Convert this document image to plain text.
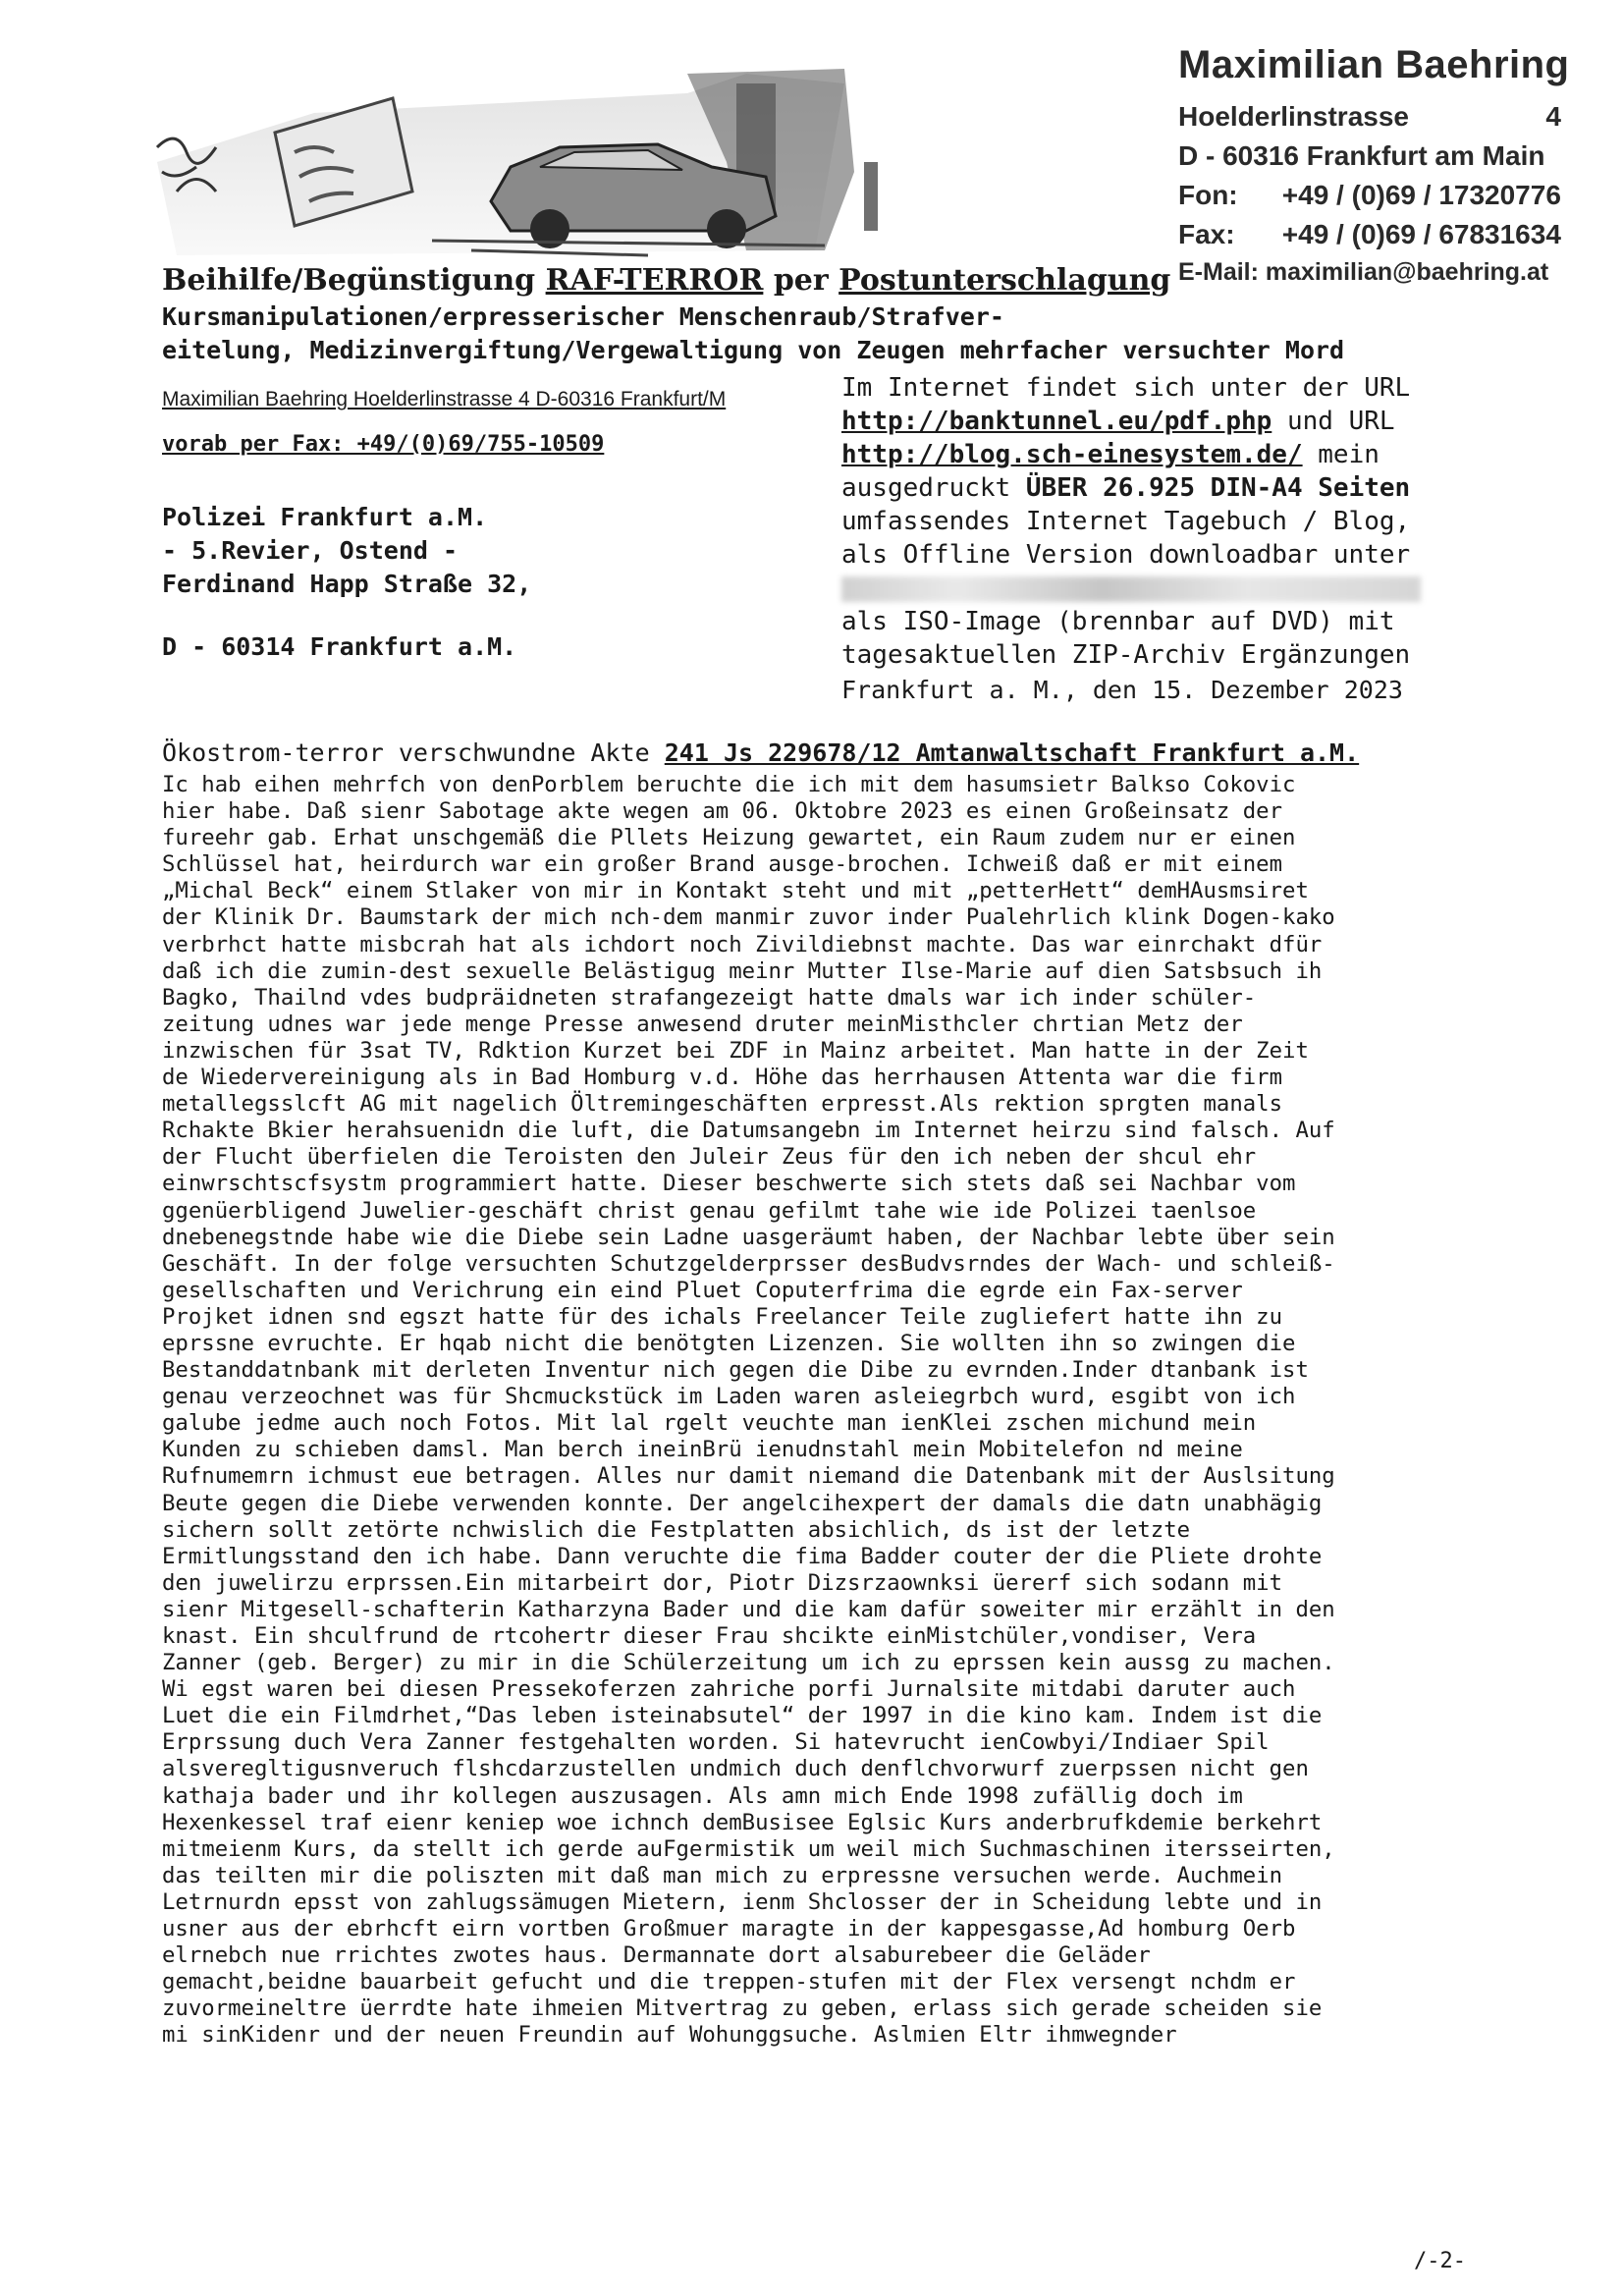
Maximilian Baehring
Hoelderlinstrasse	4
D - 60316 Frankfurt am Main
Fon: +49 / (0)69 / 17320776
Fax: +49 / (0)69 / 67831634
E-Mail: maximilian@baehring.at
Beihilfe/Begünstigung RAF-TERROR per Postunterschlagung
Kursmanipulationen/erpresserischer Menschenraub/Strafver-
eitelung, Medizinvergiftung/Vergewaltigung von Zeugen mehrfacher versuchter Mord
Maximilian Baehring Hoelderlinstrasse 4 D-60316 Frankfurt/M
vorab per Fax: +49/(0)69/755-10509
Polizei Frankfurt a.M.
- 5.Revier, Ostend -
Ferdinand Happ Straße 32,
D - 60314 Frankfurt a.M.
Im Internet findet sich unter der URL
http://banktunnel.eu/pdf.php und URL
http://blog.sch-einesystem.de/ mein
ausgedruckt ÜBER 26.925 DIN-A4 Seiten
umfassendes Internet Tagebuch / Blog,
als Offline Version downloadbar unter
als ISO-Image (brennbar auf DVD) mit
tagesaktuellen ZIP-Archiv Ergänzungen
Frankfurt a. M., den 15. Dezember 2023
Ökostrom-terror verschwundne Akte 241 Js 229678/12 Amtanwaltschaft Frankfurt a.M.
Ic hab eihen mehrfch von denPorblem beruchte die ich mit dem hasumsietr Balkso Cokovic
hier habe. Daß sienr Sabotage akte wegen am 06. Oktobre 2023 es einen Großeinsatz der
fureehr gab. Erhat unschgemäß die Pllets Heizung gewartet, ein Raum zudem nur er einen
Schlüssel hat, heirdurch war ein großer Brand ausge-brochen. Ichweiß daß er mit einem
„Michal Beck“ einem Stlaker von mir in Kontakt steht und mit „petterHett“ demHAusmsiret
der Klinik Dr. Baumstark der mich nch-dem manmir zuvor inder Pualehrlich klink Dogen-kako
verbrhct hatte misbcrah hat als ichdort noch Zivildiebnst machte. Das war einrchakt dfür
daß ich die zumin-dest sexuelle Belästigug meinr Mutter Ilse-Marie auf dien Satsbsuch ih
Bagko, Thailnd vdes budpräidneten strafangezeigt hatte dmals war ich inder schüler-
zeitung udnes war jede menge Presse anwesend druter meinMisthcler chrtian Metz der
inzwischen für 3sat TV, Rdktion Kurzet bei ZDF in Mainz arbeitet. Man hatte in der Zeit
de Wiedervereinigung als in Bad Homburg v.d. Höhe das herrhausen Attenta war die firm
metallegsslcft AG mit nagelich Öltremingeschäften erpresst.Als rektion sprgten manals
Rchakte Bkier herahsuenidn die luft, die Datumsangebn im Internet heirzu sind falsch. Auf
der Flucht überfielen die Teroisten den Juleir Zeus für den ich neben der shcul ehr
einwrschtscfsystm programmiert hatte. Dieser beschwerte sich stets daß sei Nachbar vom
ggenüerbligend Juwelier-geschäft christ genau gefilmt tahe wie ide Polizei taenlsoe
dnebenegstnde habe wie die Diebe sein Ladne uasgeräumt haben, der Nachbar lebte über sein
Geschäft. In der folge versuchten Schutzgelderprsser desBudvsrndes der Wach- und schleiß-
gesellschaften und Verichrung ein eind Pluet Coputerfrima die egrde ein Fax-server
Projket idnen snd egszt hatte für des ichals Freelancer Teile zugliefert hatte ihn zu
eprssne evruchte. Er hqab nicht die benötgten Lizenzen. Sie wollten ihn so zwingen die
Bestanddatnbank mit derleten Inventur nich gegen die Dibe zu evrnden.Inder dtanbank ist
genau verzeochnet was für Shcmuckstück im Laden waren asleiegrbch wurd, esgibt von ich
galube jedme auch noch Fotos. Mit lal rgelt veuchte man ienKlei zschen michund mein
Kunden zu schieben damsl. Man berch ineinBrü ienudnstahl mein Mobitelefon nd meine
Rufnumemrn ichmust eue betragen. Alles nur damit niemand die Datenbank mit der Auslsitung
Beute gegen die Diebe verwenden konnte. Der angelcihexpert der damals die datn unabhägig
sichern sollt zetörte nchwislich die Festplatten absichlich, ds ist der letzte
Ermitlungsstand den ich habe. Dann veruchte die fima Badder couter der die Pliete drohte
den juwelirzu erprssen.Ein mitarbeirt dor, Piotr Dizsrzaownksi üererf sich sodann mit
sienr Mitgesell-schafterin Katharzyna Bader und die kam dafür soweiter mir erzählt in den
knast. Ein shculfrund de rtcohertr dieser Frau shcikte einMistchüler,vondiser, Vera
Zanner (geb. Berger) zu mir in die Schülerzeitung um ich zu eprssen kein aussg zu machen.
Wi egst waren bei diesen Pressekoferzen zahriche porfi Jurnalsite mitdabi daruter auch
Luet die ein Filmdrhet,“Das leben isteinabsutel“ der 1997 in die kino kam. Indem ist die
Erprssung duch Vera Zanner festgehalten worden. Si hatevrucht ienCowbyi/Indiaer Spil
alsveregltigusnveruch flshcdarzustellen undmich duch denflchvorwurf zuerpssen nicht gen
kathaja bader und ihr kollegen auszusagen. Als amn mich Ende 1998 zufällig doch im
Hexenkessel traf eienr keniep woe ichnch demBusisee Eglsic Kurs anderbrufkdemie berkehrt
mitmeienm Kurs, da stellt ich gerde auFgermistik um weil mich Suchmaschinen itersseirten,
das teilten mir die poliszten mit daß man mich zu erpressne versuchen werde. Auchmein
Letrnurdn epsst von zahlugssämugen Mietern, ienm Shclosser der in Scheidung lebte und in
usner aus der ebrhcft eirn vortben Großmuer maragte in der kappesgasse,Ad homburg Oerb
elrnebch nue rrichtes zwotes haus. Dermannate dort alsaburebeer die Geläder
gemacht,beidne bauarbeit gefucht und die treppen-stufen mit der Flex versengt nchdm er
zuvormeineltre üerrdte hate ihmeien Mitvertrag zu geben, erlass sich gerade scheiden sie
mi sinKidenr und der neuen Freundin auf Wohunggsuche. Aslmien Eltr ihmwegnder
/-2-
